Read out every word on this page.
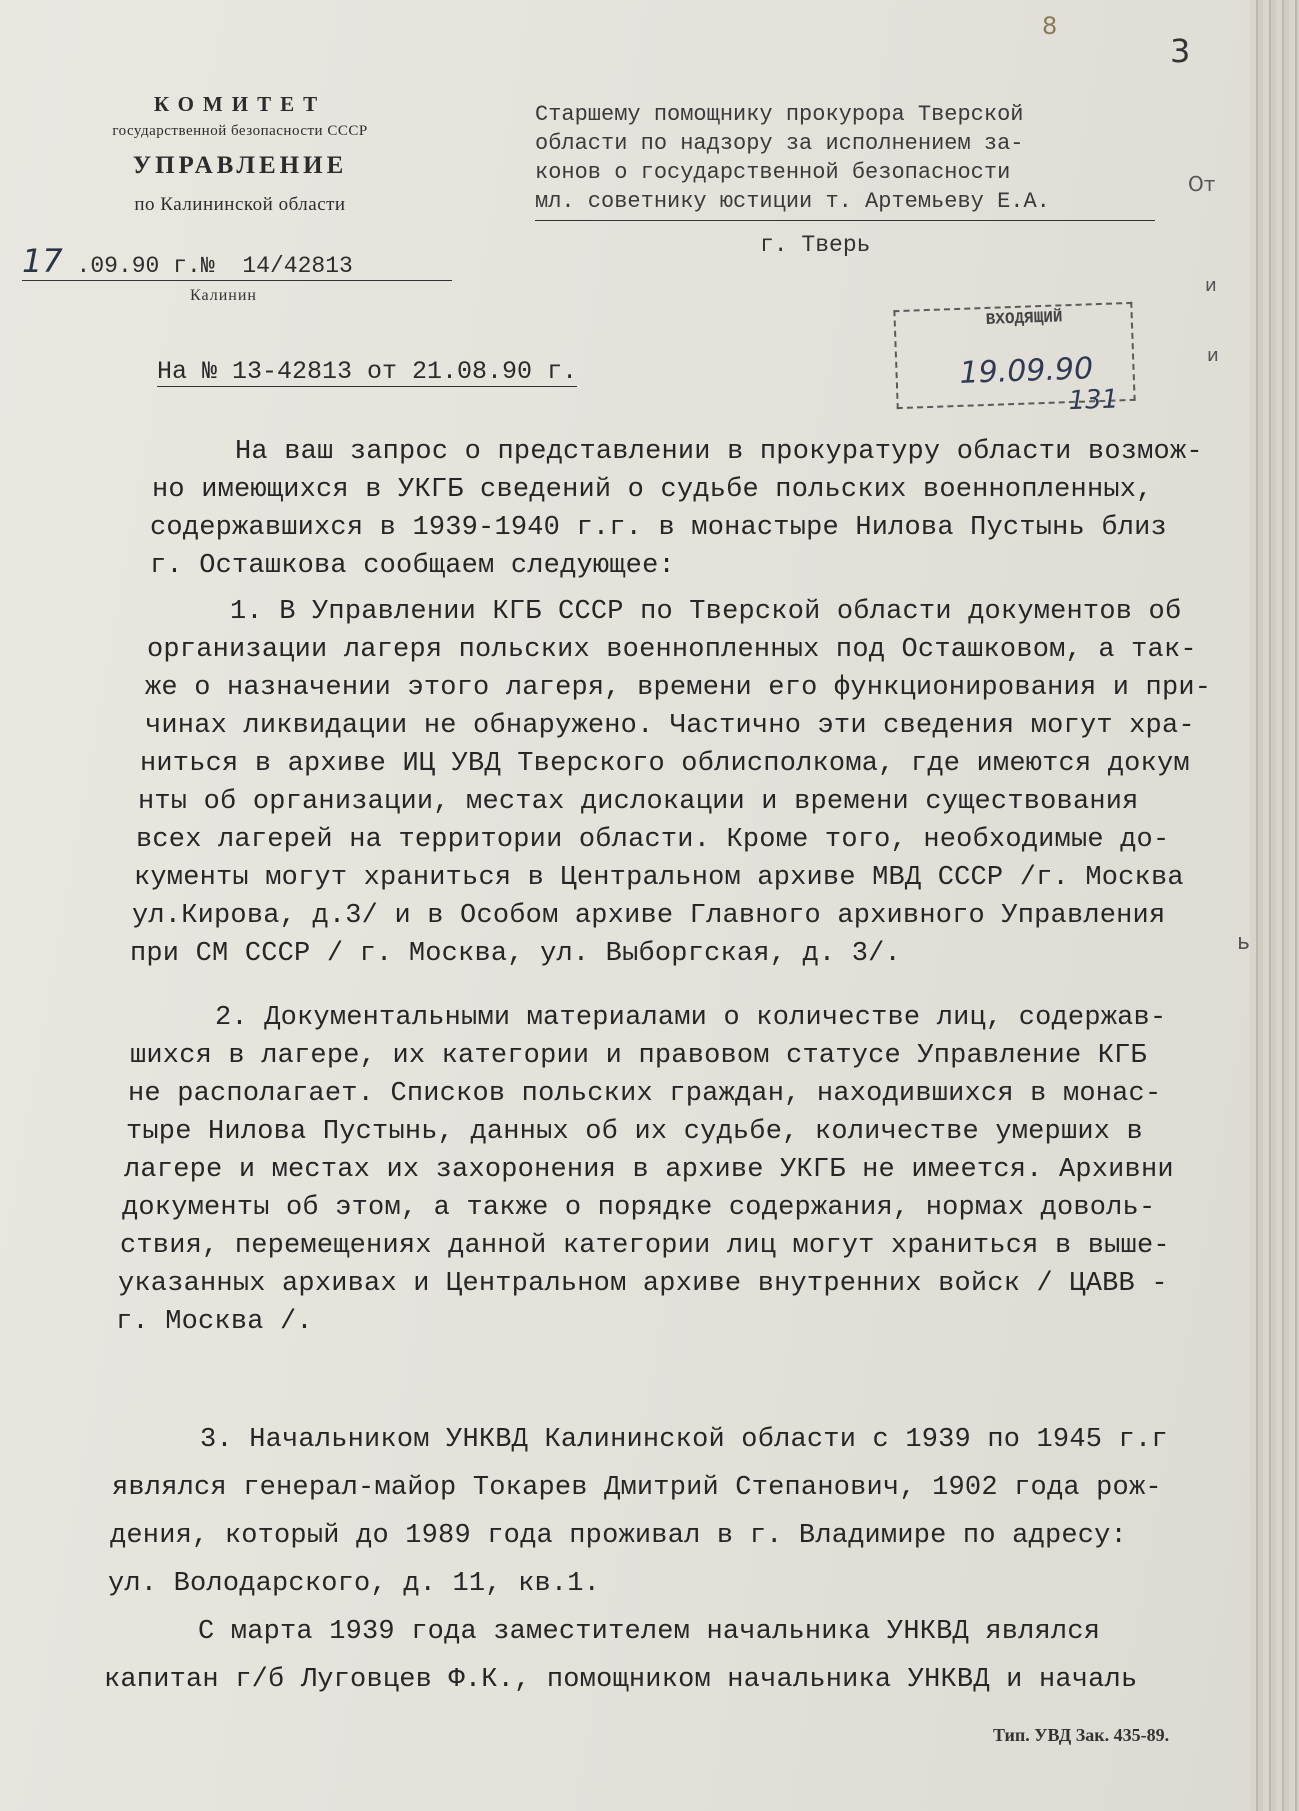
8
3
КОМИТЕТ
государственной безопасности СССР
УПРАВЛЕНИЕ
по Калининской области
17 .09.90 г.№ 14/42813
Калинин
Старшему помощнику прокурора Тверской
области по надзору за исполнением за-
конов о государственной безопасности
мл. советнику юстиции т. Артемьеву Е.А.
г. Тверь
ВХОДЯЩИЙ
19.09.90
131
От
и
и
ь
На № 13-42813 от 21.08.90 г.
На ваш запрос о представлении в прокуратуру области возмож-
но имеющихся в УКГБ сведений о судьбе польских военнопленных,
содержавшихся в 1939-1940 г.г. в монастыре Нилова Пустынь близ
г. Осташкова сообщаем следующее:
1. В Управлении КГБ СССР по Тверской области документов об
организации лагеря польских военнопленных под Осташковом, а так-
же о назначении этого лагеря, времени его функционирования и при-
чинах ликвидации не обнаружено. Частично эти сведения могут хра-
ниться в архиве ИЦ УВД Тверского облисполкома, где имеются докум
нты об организации, местах дислокации и времени существования
всех лагерей на территории области. Кроме того, необходимые до-
кументы могут храниться в Центральном архиве МВД СССР /г. Москва
ул.Кирова, д.3/ и в Особом архиве Главного архивного Управления
при СМ СССР / г. Москва, ул. Выборгская, д. 3/.
2. Документальными материалами о количестве лиц, содержав-
шихся в лагере, их категории и правовом статусе Управление КГБ
не располагает. Списков польских граждан, находившихся в монас-
тыре Нилова Пустынь, данных об их судьбе, количестве умерших в
лагере и местах их захоронения в архиве УКГБ не имеется. Архивни
документы об этом, а также о порядке содержания, нормах доволь-
ствия, перемещениях данной категории лиц могут храниться в выше-
указанных архивах и Центральном архиве внутренних войск / ЦАВВ -
г. Москва /.
3. Начальником УНКВД Калининской области с 1939 по 1945 г.г
являлся генерал-майор Токарев Дмитрий Степанович, 1902 года рож-
дения, который до 1989 года проживал в г. Владимире по адресу:
ул. Володарского, д. 11, кв.1.
С марта 1939 года заместителем начальника УНКВД являлся
капитан г/б Луговцев Ф.К., помощником начальника УНКВД и началь
Тип. УВД Зак. 435-89.
